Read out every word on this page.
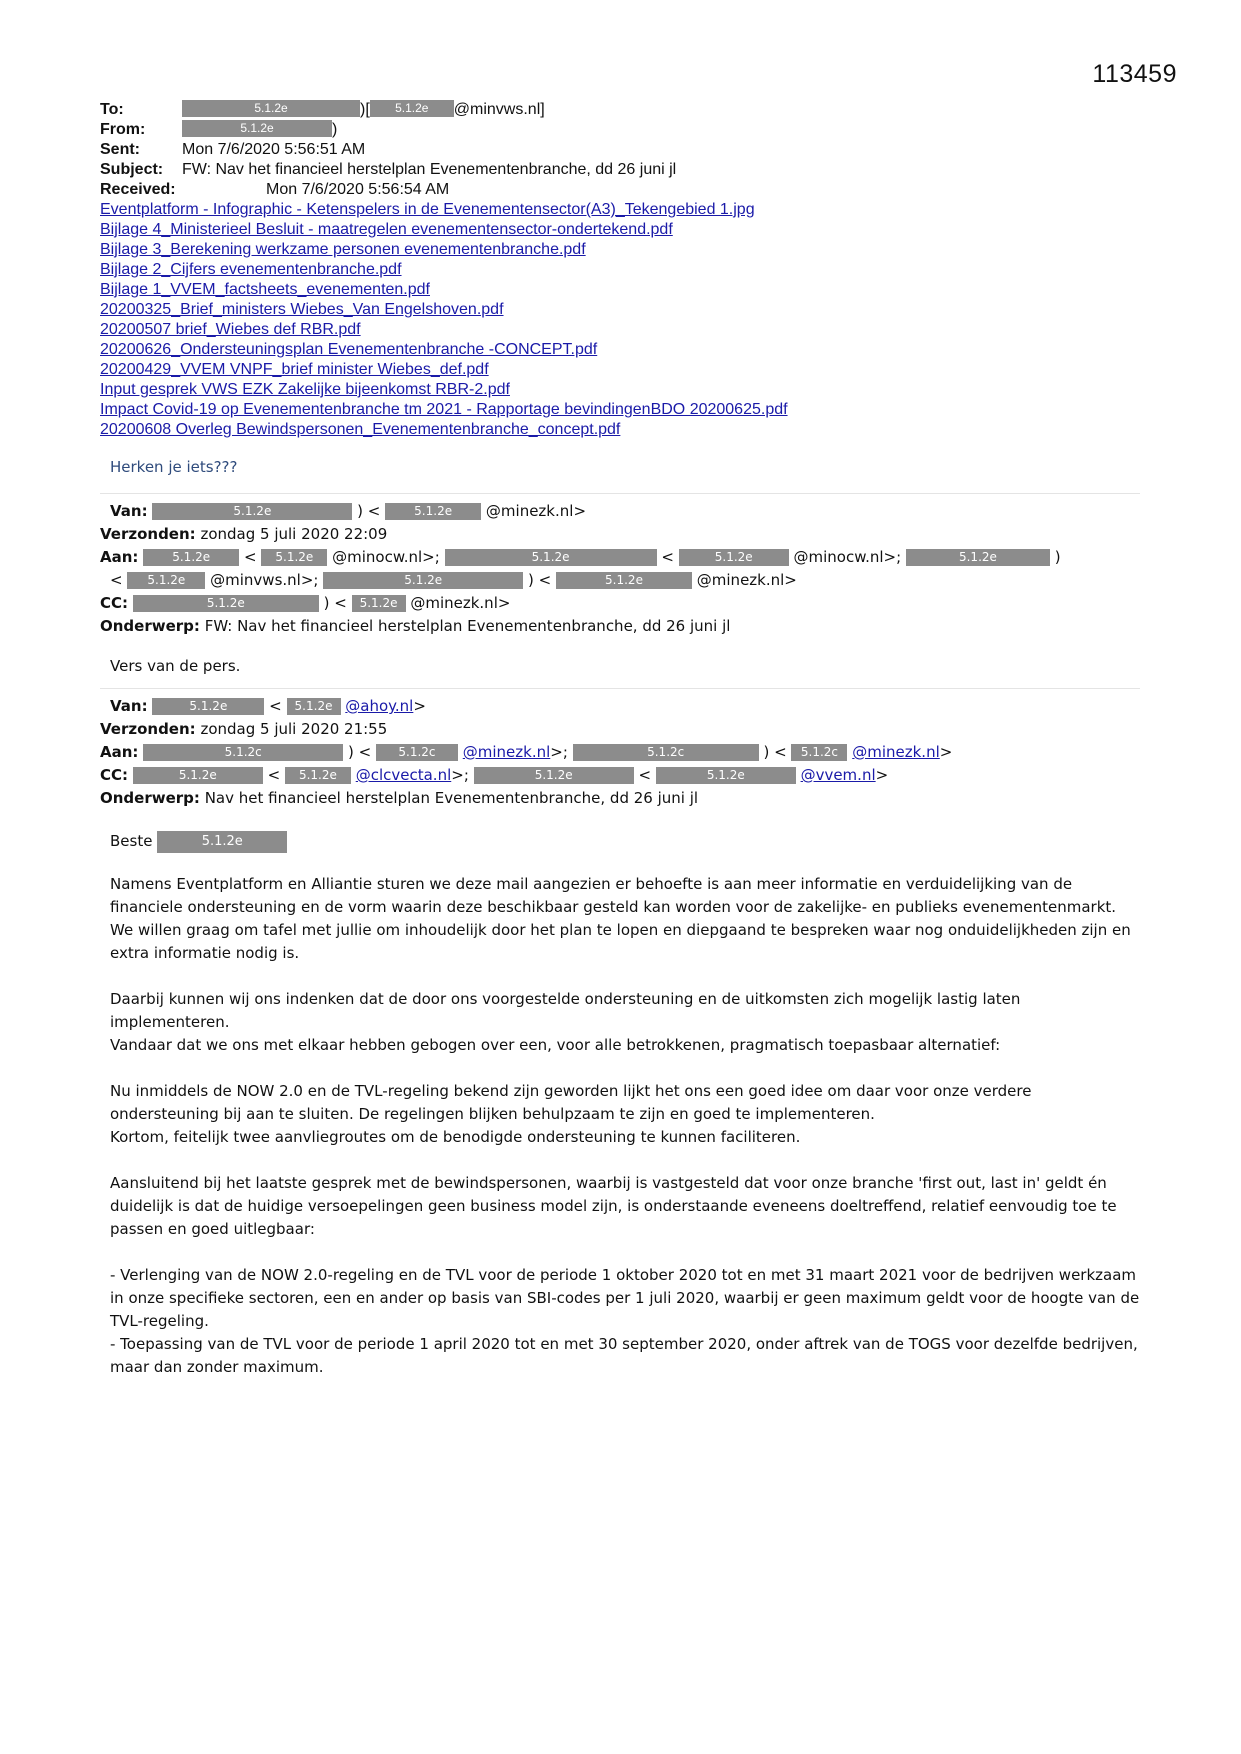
113459
To:	5.1.2e	)[	5.1.2e	@minvws.nl]
From:	5.1.2e	)
Sent:	Mon 7/6/2020 5:56:51 AM
Subject:	FW: Nav het financieel herstelplan Evenementenbranche, dd 26 juni jl
Received:	Mon 7/6/2020 5:56:54 AM
Eventplatform - Infographic - Ketenspelers in de Evenementensector(A3)_Tekengebied 1.jpg
Bijlage 4_Ministerieel Besluit - maatregelen evenementensector-ondertekend.pdf
Bijlage 3_Berekening werkzame personen evenementenbranche.pdf
Bijlage 2_Cijfers evenementenbranche.pdf
Bijlage 1_VVEM_factsheets_evenementen.pdf
20200325_Brief_ministers Wiebes_Van Engelshoven.pdf
20200507 brief_Wiebes def RBR.pdf
20200626_Ondersteuningsplan Evenementenbranche -CONCEPT.pdf
20200429_VVEM VNPF_brief minister Wiebes_def.pdf
Input gesprek VWS EZK Zakelijke bijeenkomst RBR-2.pdf
Impact Covid-19 op Evenementenbranche tm 2021 - Rapportage bevindingenBDO 20200625.pdf
20200608 Overleg Bewindspersonen_Evenementenbranche_concept.pdf
Herken je iets???
Van:	5.1.2e	) <	5.1.2e @minezk.nl>
Verzonden: zondag 5 juli 2020 22:09
Aan:	5.1.2e < 5.1.2e @minocw.nl>;	5.1.2e	<	5.1.2e	@minocw.nl>;	5.1.2e	)
< 5.1.2e @minvws.nl>;	5.1.2e	) <	5.1.2e	@minezk.nl>
CC:	5.1.2e	) < 5.1.2e @minezk.nl>
Onderwerp: FW: Nav het financieel herstelplan Evenementenbranche, dd 26 juni jl
Vers van de pers.
Van:	5.1.2e	< 5.1.2e @ahoy.nl>
Verzonden: zondag 5 juli 2020 21:55
Aan:	5.1.2c	) < 5.1.2c @minezk.nl>;	5.1.2c	) < 5.1.2c @minezk.nl>
CC:	5.1.2e	< 5.1.2e @clcvecta.nl>;	5.1.2e	<	5.1.2e	@vvem.nl>
Onderwerp: Nav het financieel herstelplan Evenementenbranche, dd 26 juni jl
Beste	5.1.2e

Namens Eventplatform en Alliantie sturen we deze mail aangezien er behoefte is aan meer informatie en verduidelijking van de financiele ondersteuning en de vorm waarin deze beschikbaar gesteld kan worden voor de zakelijke- en publieks evenementenmarkt.
We willen graag om tafel met jullie om inhoudelijk door het plan te lopen en diepgaand te bespreken waar nog onduidelijkheden zijn en extra informatie nodig is.

Daarbij kunnen wij ons indenken dat de door ons voorgestelde ondersteuning en de uitkomsten zich mogelijk lastig laten implementeren.
Vandaar dat we ons met elkaar hebben gebogen over een, voor alle betrokkenen, pragmatisch toepasbaar alternatief:

Nu inmiddels de NOW 2.0 en de TVL-regeling bekend zijn geworden lijkt het ons een goed idee om daar voor onze verdere ondersteuning bij aan te sluiten. De regelingen blijken behulpzaam te zijn en goed te implementeren.
Kortom, feitelijk twee aanvliegroutes om de benodigde ondersteuning te kunnen faciliteren.

Aansluitend bij het laatste gesprek met de bewindspersonen, waarbij is vastgesteld dat voor onze branche 'first out, last in' geldt én duidelijk is dat de huidige versoepelingen geen business model zijn, is onderstaande eveneens doeltreffend, relatief eenvoudig toe te passen en goed uitlegbaar:

- Verlenging van de NOW 2.0-regeling en de TVL voor de periode 1 oktober 2020 tot en met 31 maart 2021 voor de bedrijven werkzaam in onze specifieke sectoren, een en ander op basis van SBI-codes per 1 juli 2020, waarbij er geen maximum geldt voor de hoogte van de TVL-regeling.
- Toepassing van de TVL voor de periode 1 april 2020 tot en met 30 september 2020, onder aftrek van de TOGS voor dezelfde bedrijven, maar dan zonder maximum.
